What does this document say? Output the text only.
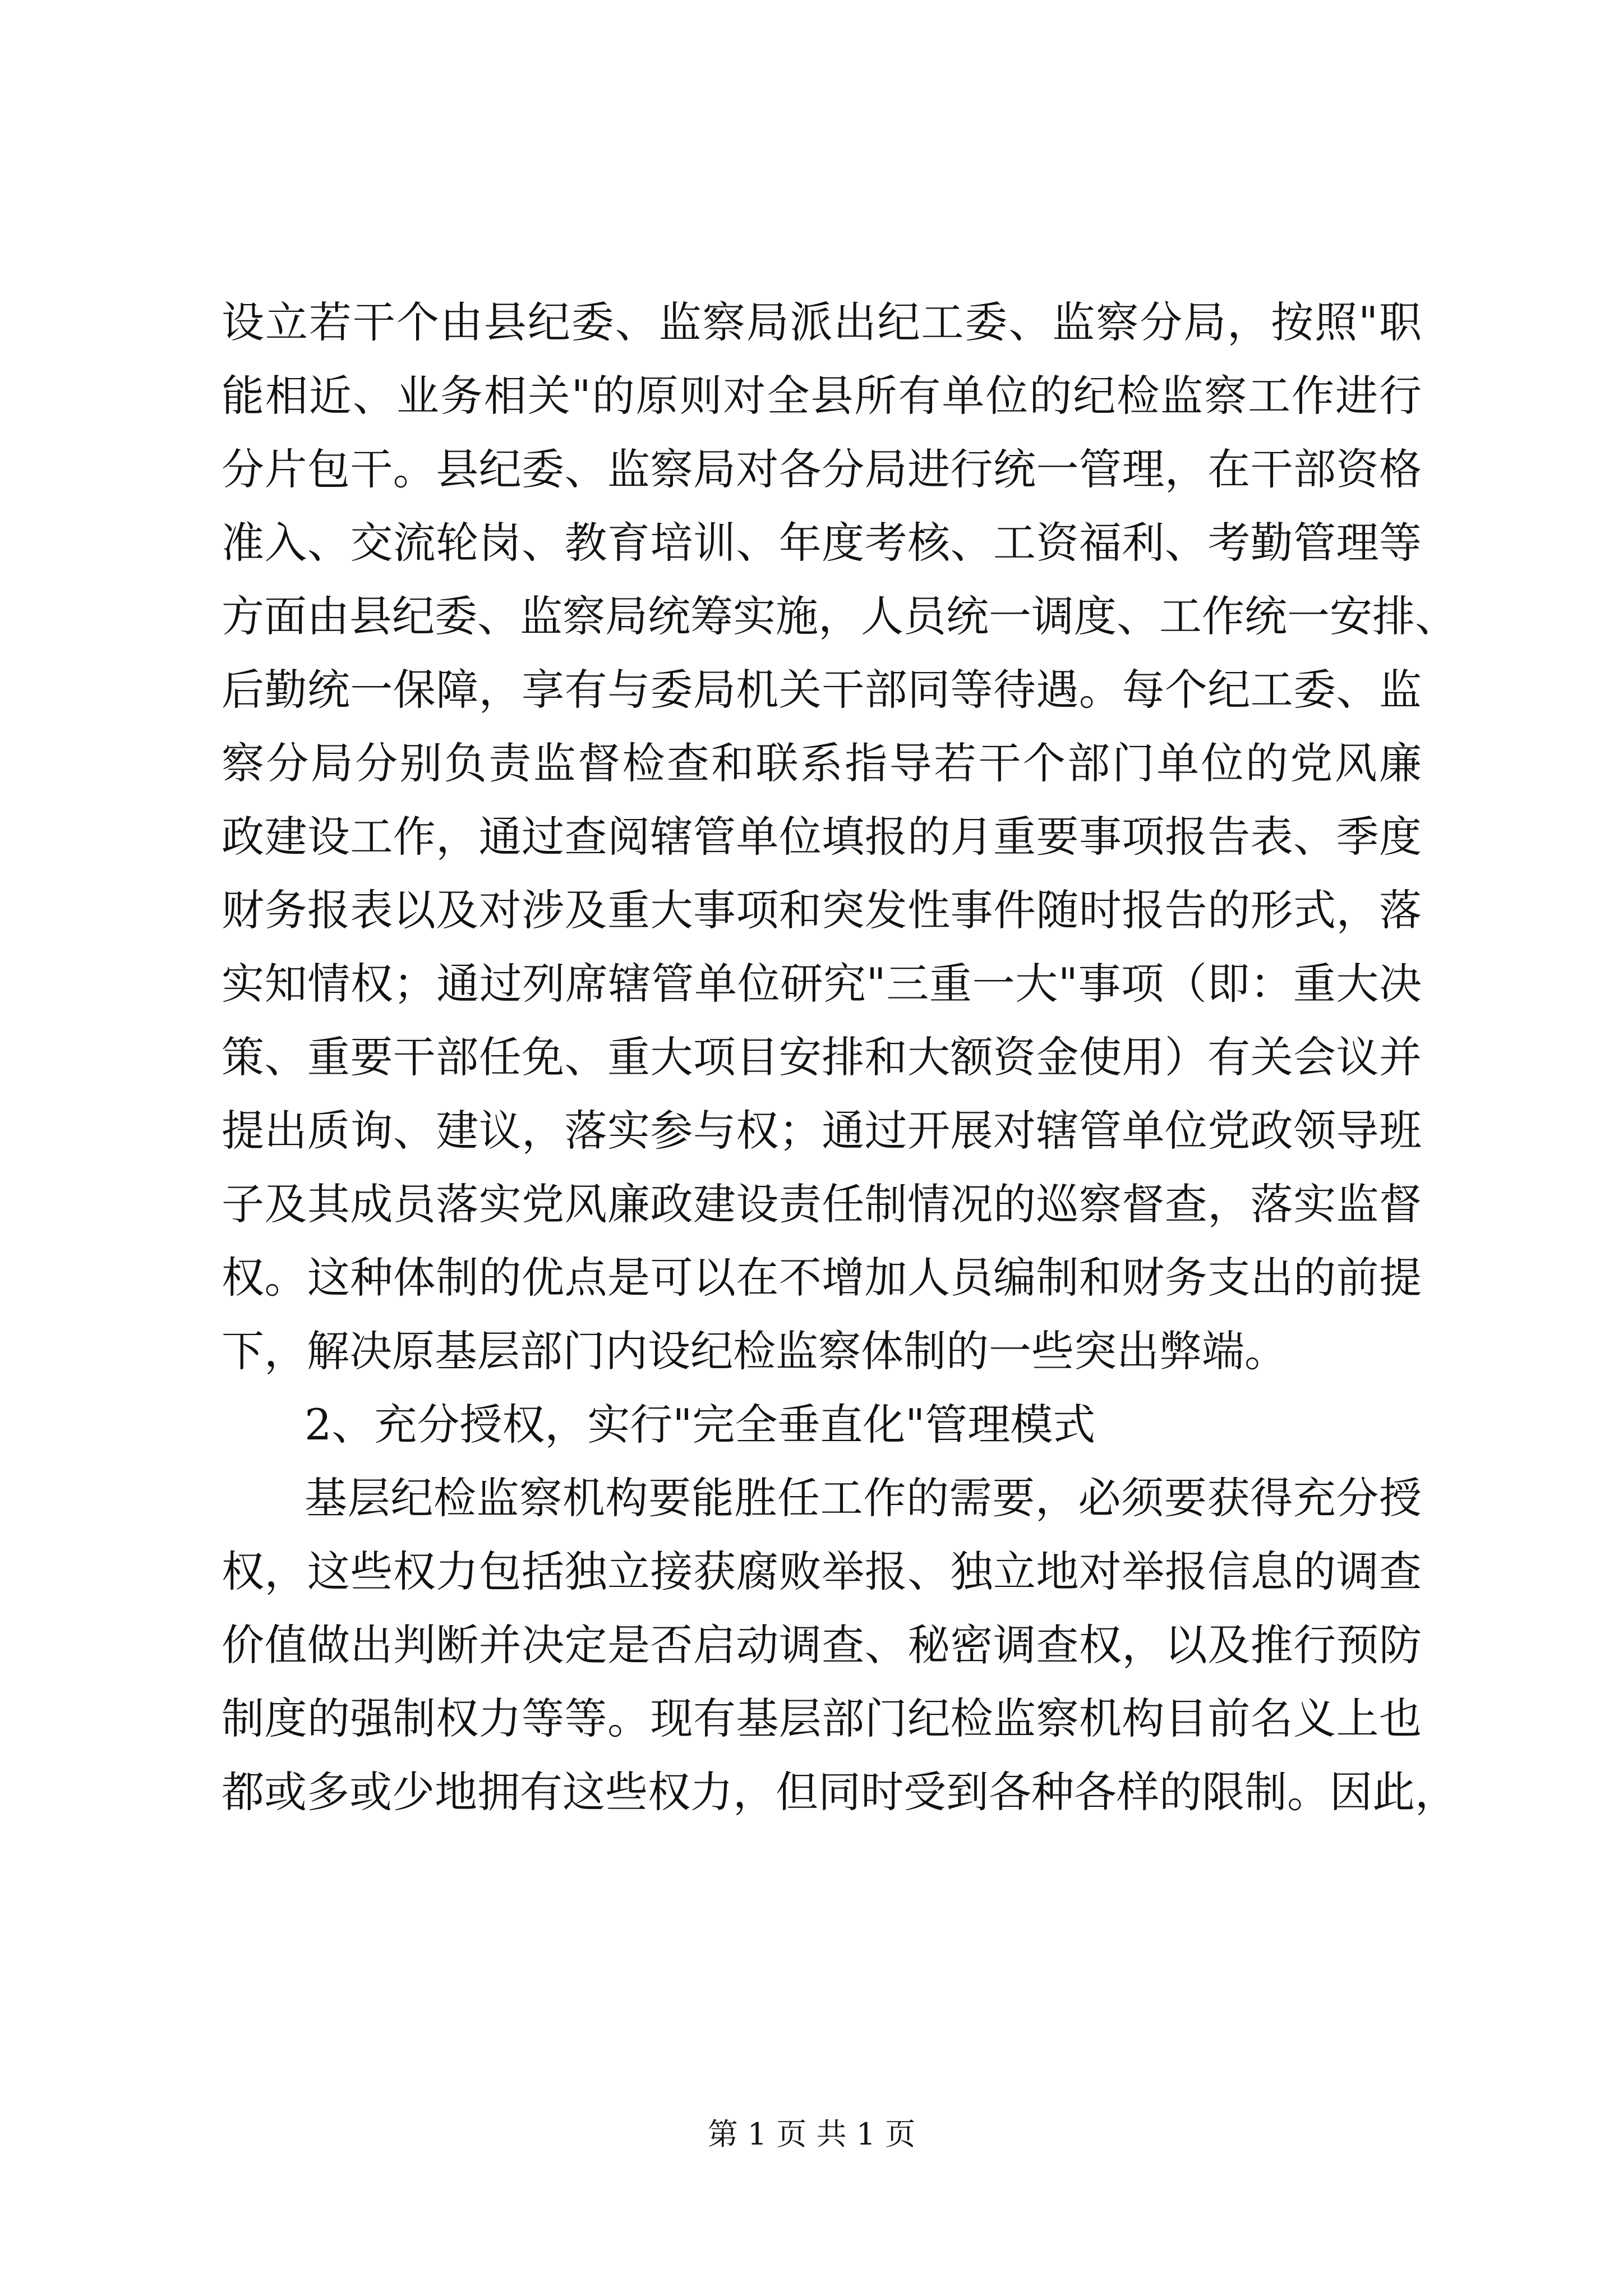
设立若干个由县纪委、监察局派出纪工委、监察分局，按照"职
能相近、业务相关"的原则对全县所有单位的纪检监察工作进行
分片包干。县纪委、监察局对各分局进行统一管理，在干部资格
准入、交流轮岗、教育培训、年度考核、工资福利、考勤管理等
方面由县纪委、监察局统筹实施，人员统一调度、工作统一安排、
后勤统一保障，享有与委局机关干部同等待遇。每个纪工委、监
察分局分别负责监督检查和联系指导若干个部门单位的党风廉
政建设工作，通过查阅辖管单位填报的月重要事项报告表、季度
财务报表以及对涉及重大事项和突发性事件随时报告的形式，落
实知情权；通过列席辖管单位研究"三重一大"事项（即：重大决
策、重要干部任免、重大项目安排和大额资金使用）有关会议并
提出质询、建议，落实参与权；通过开展对辖管单位党政领导班
子及其成员落实党风廉政建设责任制情况的巡察督查，落实监督
权。这种体制的优点是可以在不增加人员编制和财务支出的前提
下，解决原基层部门内设纪检监察体制的一些突出弊端。
2、充分授权，实行"完全垂直化"管理模式
基层纪检监察机构要能胜任工作的需要，必须要获得充分授
权，这些权力包括独立接获腐败举报、独立地对举报信息的调查
价值做出判断并决定是否启动调查、秘密调查权，以及推行预防
制度的强制权力等等。现有基层部门纪检监察机构目前名义上也
都或多或少地拥有这些权力，但同时受到各种各样的限制。因此，
第 1 页 共 1 页
